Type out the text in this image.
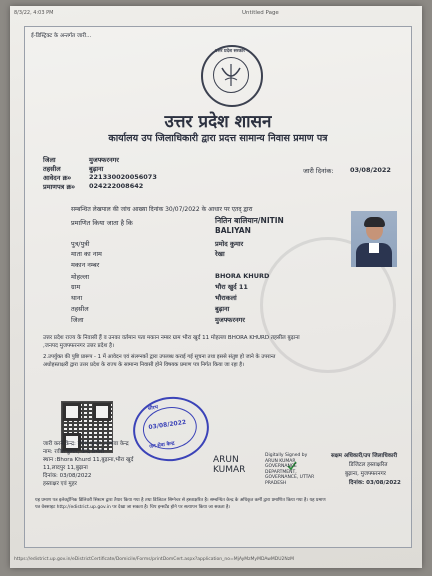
8/3/22, 4:03 PM	Untitled Page
ई-डिस्ट्रिक्ट के अन्तर्गत जारी...
उत्तर प्रदेश सरकार
उत्तर प्रदेश शासन
कार्यालय उप जिलाधिकारी द्वारा प्रदत्त सामान्य निवास प्रमाण पत्र
जिला	मुजफ्फरनगर
तहसील	बुढ़ाना
आवेदन क्र०	221330020056073
प्रमाणपत्र क्र० 024222008642
जारी दिनांक:	03/08/2022
सम्बन्धित लेखपाल की जांच आख्या दिनांक 30/07/2022 के आधार पर एतद् द्वारा
प्रमाणित किया जाता है कि	नितिन बालियान/NITIN
BALIYAN
पुत्र/पुत्री	प्रमोद कुमार
माता का नाम	रेखा
मकान नम्बर
मोहल्ला	BHORA KHURD
ग्राम	भौरा खुर्द 11
थाना	भौराकलां
तहसील	बुढ़ाना
जिला	मुजफ्फरनगर
उत्तर प्रदेश राज्य के निवासी हैं व उनका वर्तमान पता मकान नम्बर ग्राम भौरा खुर्द 11 मोहल्ला BHORA KHURD तहसील बुढ़ाना
,जनपद मुजफ्फरनगर उत्तर प्रदेश है।
2.उपर्युक्त की पुष्टि प्रारूप - 1 में आवेदन एवं संलग्नकों द्वारा उपलब्ध कराई गई सूचना तथा इससे संतुष्ट हो जाने के उपरान्त
अधोहस्ताक्षरी द्वारा उत्तर प्रदेश के राज्य के सामान्य निवासी होने विषयक प्रमाण पत्र निर्गत किया जा रहा है।
सौरभ
03/08/2022
जन सेवा केन्द्र
जारी करने केन्द्र: रवीश कुमार,जनसेवा केन्द्र
नाम: रवीश कुमार, केन्द्र प्रभारी
स्थान :Bhora Khurd 11,बुढ़ाना,भौरा खुर्द
11,लादपुर 11,बुढ़ाना
दिनांक: 03/08/2022
हस्ताक्षर एवं मुहर
ARUN KUMAR
Digitally Signed by ARUN KUMAR GOVERNANCE DEPARTMENT, GOVERNANCE, UTTAR PRADESH
सक्षम अधिकारी/उप जिलाधिकारी
डिजिटल हस्ताक्षरित
बुढ़ाना, मुजफ्फरनगर
दिनांक: 03/08/2022
यह प्रमाण पत्र इलेक्ट्रॉनिक डिलिवरी सिस्टम द्वारा तैयार किया गया है तथा डिजिटल सिग्नेचर से हस्ताक्षरित है। सम्बन्धित केन्द्र के अधिकृत कर्मी द्वारा प्रमाणित किया गया है। यह प्रमाण
पत्र वेबसाइट http://edistrict.up.gov.in पर देखा जा सकता है। चिप इन्सर्टेड होने पर सत्यापन किया जा सकता है।
https://edistrict.up.gov.in/eDistrictCertificate/Domicile/Forms/printDomCert.aspx?application_no=MjAyMzMyMDAwMDU2NzM
